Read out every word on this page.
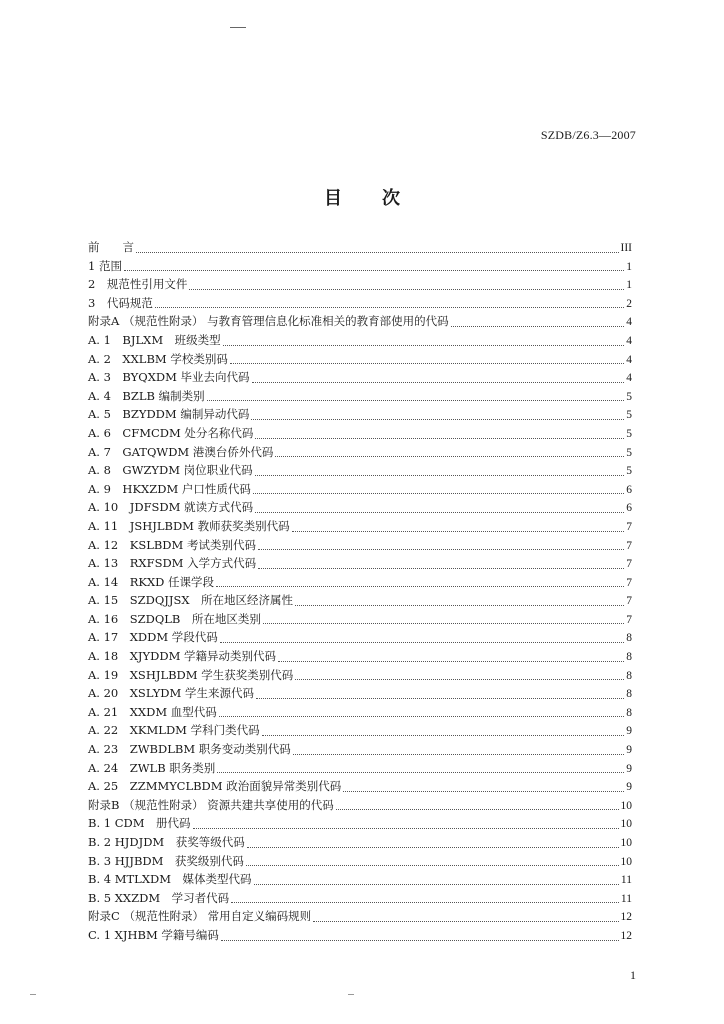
SZDB/Z6.3—2007
目 次
前　　言	III
1 范围	1
2　规范性引用文件	1
3　代码规范	2
附录A （规范性附录） 与教育管理信息化标准相关的教育部使用的代码	4
A. 1　BJLXM　班级类型	4
A. 2　XXLBM 学校类别码	4
A. 3　BYQXDM 毕业去向代码	4
A. 4　BZLB 编制类别	5
A. 5　BZYDDM 编制异动代码	5
A. 6　CFMCDM 处分名称代码	5
A. 7　GATQWDM 港澳台侨外代码	5
A. 8　GWZYDM 岗位职业代码	5
A. 9　HKXZDM 户口性质代码	6
A. 10　JDFSDM 就读方式代码	6
A. 11　JSHJLBDM 教师获奖类别代码	7
A. 12　KSLBDM 考试类别代码	7
A. 13　RXFSDM 入学方式代码	7
A. 14　RKXD 任课学段	7
A. 15　SZDQJJSX　所在地区经济属性	7
A. 16　SZDQLB　所在地区类别	7
A. 17　XDDM 学段代码	8
A. 18　XJYDDM 学籍异动类别代码	8
A. 19　XSHJLBDM 学生获奖类别代码	8
A. 20　XSLYDM 学生来源代码	8
A. 21　XXDM 血型代码	8
A. 22　XKMLDM 学科门类代码	9
A. 23　ZWBDLBM 职务变动类别代码	9
A. 24　ZWLB 职务类别	9
A. 25　ZZMMYCLBDM 政治面貌异常类别代码	9
附录B （规范性附录） 资源共建共享使用的代码	10
B. 1 CDM　册代码	10
B. 2 HJDJDM　获奖等级代码	10
B. 3 HJJBDM　获奖级别代码	10
B. 4 MTLXDM　媒体类型代码	11
B. 5 XXZDM　学习者代码	11
附录C （规范性附录） 常用自定义编码规则	12
C. 1 XJHBM 学籍号编码	12
1
